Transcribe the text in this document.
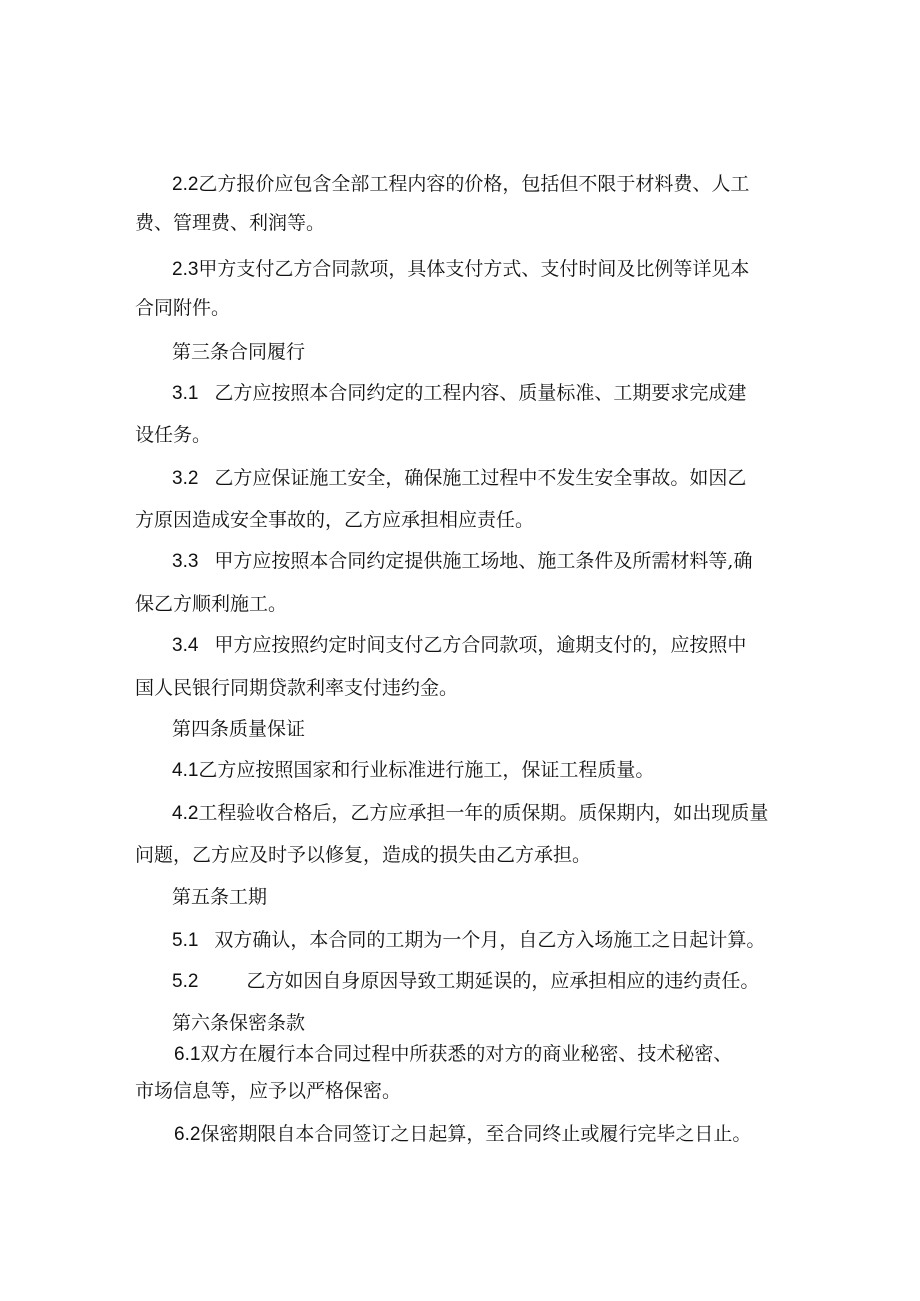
2.2乙方报价应包含全部工程内容的价格，包括但不限于材料费、人工
费、管理费、利润等。
2.3甲方支付乙方合同款项，具体支付方式、支付时间及比例等详见本
合同附件。
第三条合同履行
3.1 乙方应按照本合同约定的工程内容、质量标准、工期要求完成建
设任务。
3.2 乙方应保证施工安全，确保施工过程中不发生安全事故。如因乙
方原因造成安全事故的，乙方应承担相应责任。
3.3 甲方应按照本合同约定提供施工场地、施工条件及所需材料等,确
保乙方顺利施工。
3.4 甲方应按照约定时间支付乙方合同款项，逾期支付的，应按照中
国人民银行同期贷款利率支付违约金。
第四条质量保证
4.1乙方应按照国家和行业标准进行施工，保证工程质量。
4.2工程验收合格后，乙方应承担一年的质保期。质保期内，如出现质量
问题，乙方应及时予以修复，造成的损失由乙方承担。
第五条工期
5.1 双方确认，本合同的工期为一个月，自乙方入场施工之日起计算。
5.2	乙方如因自身原因导致工期延误的，应承担相应的违约责任。
第六条保密条款
6.1双方在履行本合同过程中所获悉的对方的商业秘密、技术秘密、
市场信息等，应予以严格保密。
6.2保密期限自本合同签订之日起算，至合同终止或履行完毕之日止。
